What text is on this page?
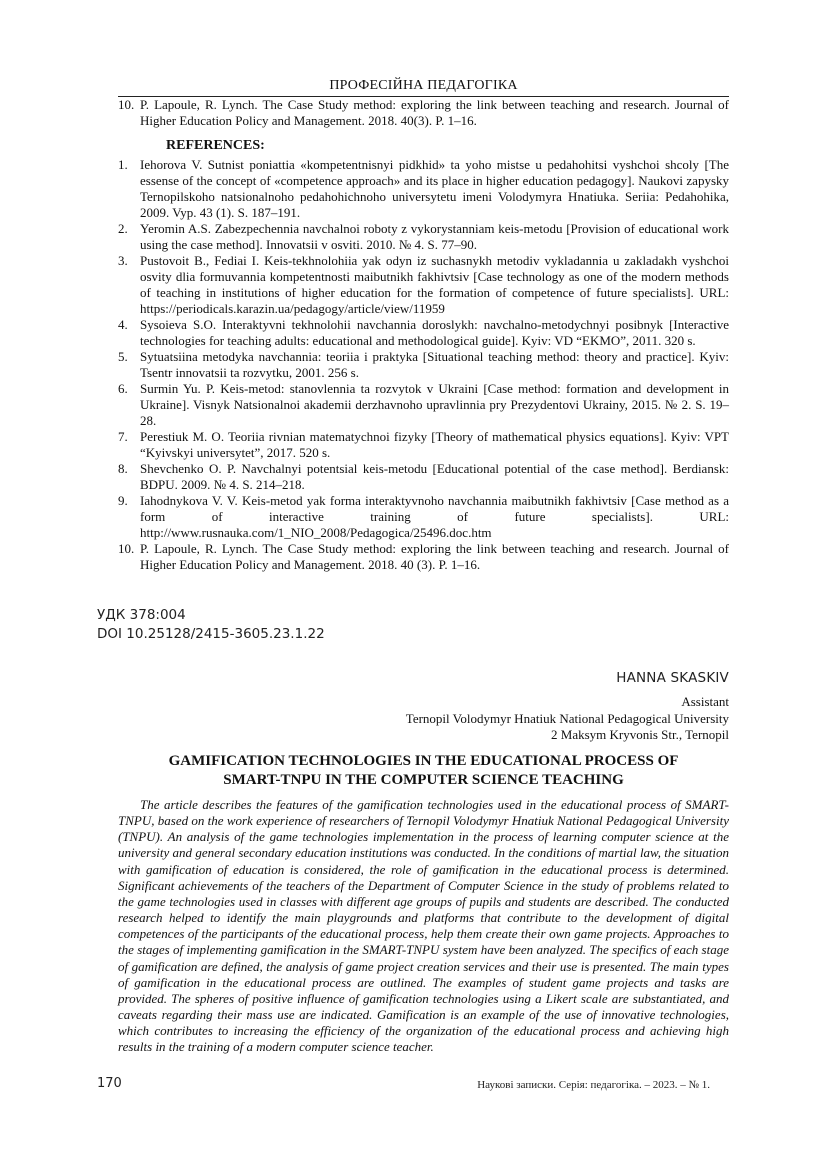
ПРОФЕСІЙНА ПЕДАГОГІКА
10. P. Lapoule, R. Lynch. The Case Study method: exploring the link between teaching and research. Journal of Higher Education Policy and Management. 2018. 40(3). P. 1–16.
REFERENCES:
1. Iehorova V. Sutnist poniattia «kompetentnisnyi pidkhid» ta yoho mistse u pedahohitsi vyshchoi shcoly [The essense of the concept of «competence approach» and its place in higher education pedagogy]. Naukovi zapysky Ternopilskoho natsionalnoho pedahohichnoho universytetu imeni Volodymyra Hnatiuka. Seriia: Pedahohika, 2009. Vyp. 43 (1). S. 187–191.
2. Yeromin A.S. Zabezpechennia navchalnoi roboty z vykorystanniam keis-metodu [Provision of educational work using the case method]. Innovatsii v osviti. 2010. № 4. S. 77–90.
3. Pustovoit B., Fediai I. Keis-tekhnolohiia yak odyn iz suchasnykh metodiv vykladannia u zakladakh vyshchoi osvity dlia formuvannia kompetentnosti maibutnikh fakhivtsiv [Case technology as one of the modern methods of teaching in institutions of higher education for the formation of competence of future specialists]. URL: https://periodicals.karazin.ua/pedagogy/article/view/11959
4. Sysoieva S.O. Interaktyvni tekhnolohii navchannia doroslykh: navchalno-metodychnyi posibnyk [Interactive technologies for teaching adults: educational and methodological guide]. Kyiv: VD “EKMO”, 2011. 320 s.
5. Sytuatsiina metodyka navchannia: teoriia i praktyka [Situational teaching method: theory and practice]. Kyiv: Tsentr innovatsii ta rozvytku, 2001. 256 s.
6. Surmin Yu. P. Keis-metod: stanovlennia ta rozvytok v Ukraini [Case method: formation and development in Ukraine]. Visnyk Natsionalnoi akademii derzhavnoho upravlinnia pry Prezydentovi Ukrainy, 2015. № 2. S. 19–28.
7. Perestiuk M. O. Teoriia rivnian matematychnoi fizyky [Theory of mathematical physics equations]. Kyiv: VPT “Kyivskyi universytet”, 2017. 520 s.
8. Shevchenko O. P. Navchalnyi potentsial keis-metodu [Educational potential of the case method]. Berdiansk: BDPU. 2009. № 4. S. 214–218.
9. Iahodnykova V. V. Keis-metod yak forma interaktyvnoho navchannia maibutnikh fakhivtsiv [Case method as a form of interactive training of future specialists]. URL: http://www.rusnauka.com/1_NIO_2008/Pedagogica/25496.doc.htm
10. P. Lapoule, R. Lynch. The Case Study method: exploring the link between teaching and research. Journal of Higher Education Policy and Management. 2018. 40 (3). P. 1–16.
УДК 378:004
DOI 10.25128/2415-3605.23.1.22
HANNA SKASKIV
Assistant
Ternopil Volodymyr Hnatiuk National Pedagogical University
2 Maksym Kryvonis Str., Ternopil
GAMIFICATION TECHNOLOGIES IN THE EDUCATIONAL PROCESS OF
SMART-TNPU IN THE COMPUTER SCIENCE TEACHING

The article describes the features of the gamification technologies used in the educational process of SMART-TNPU, based on the work experience of researchers of Ternopil Volodymyr Hnatiuk National Pedagogical University (TNPU). An analysis of the game technologies implementation in the process of learning computer science at the university and general secondary education institutions was conducted. In the conditions of martial law, the situation with gamification of education is considered, the role of gamification in the educational process is determined. Significant achievements of the teachers of the Department of Computer Science in the study of problems related to the game technologies used in classes with different age groups of pupils and students are described. The conducted research helped to identify the main playgrounds and platforms that contribute to the development of digital competences of the participants of the educational process, help them create their own game projects. Approaches to the stages of implementing gamification in the SMART-TNPU system have been analyzed. The specifics of each stage of gamification are defined, the analysis of game project creation services and their use is presented. The main types of gamification in the educational process are outlined. The examples of student game projects and tasks are provided. The spheres of positive influence of gamification technologies using a Likert scale are substantiated, and caveats regarding their mass use are indicated. Gamification is an example of the use of innovative technologies, which contributes to increasing the efficiency of the organization of the educational process and achieving high results in the training of a modern computer science teacher.

170	Наукові записки. Серія: педагогіка. – 2023. – № 1.
